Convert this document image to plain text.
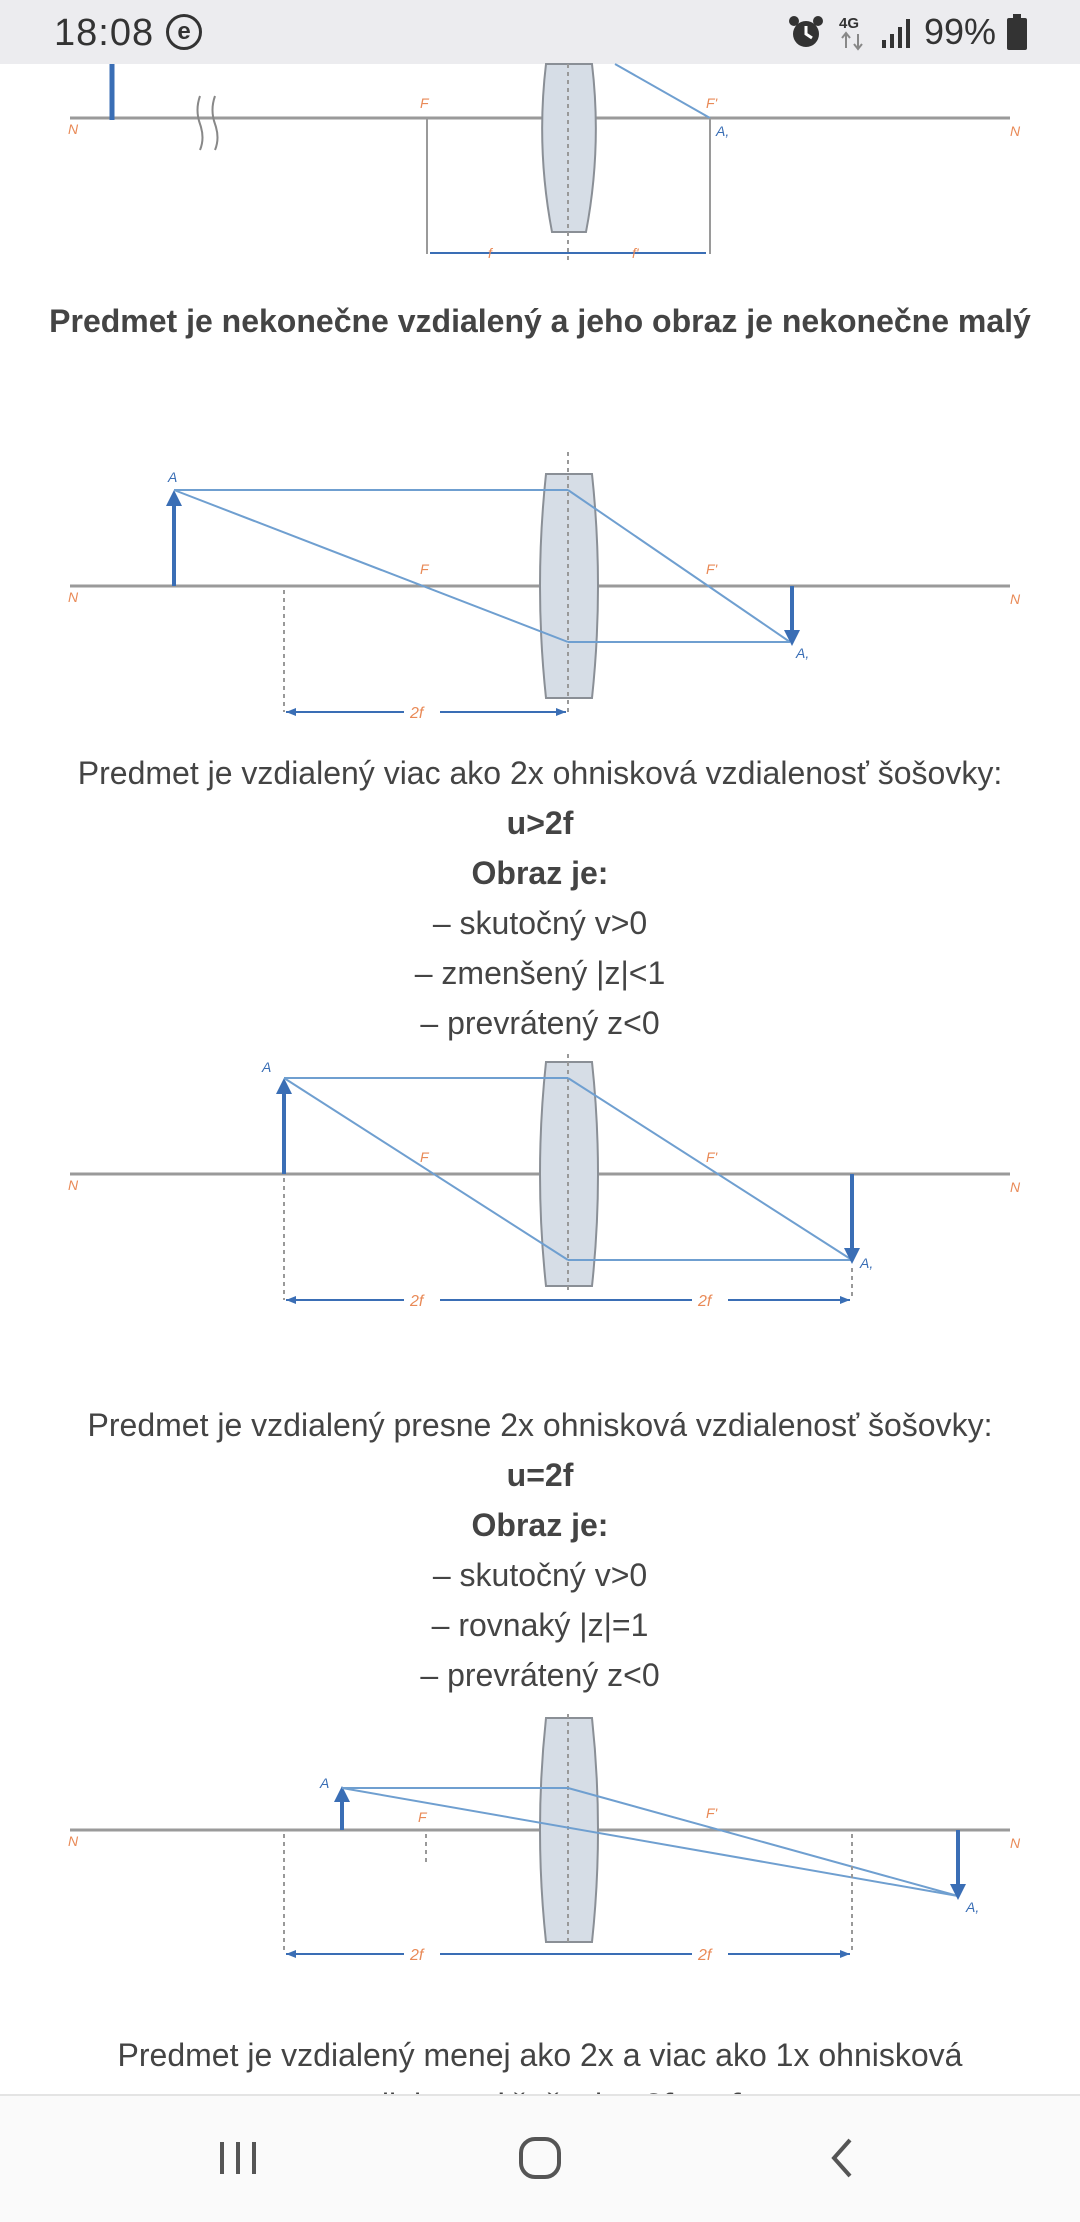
18:08 e	4G 99%
N	N
F	F'
A,
f	f'
Predmet je nekonečne vzdialený a jeho obraz je nekonečne malý
N	N
A
F	F'
A,
2f
Predmet je vzdialený viac ako 2x ohnisková vzdialenosť šošovky:
u>2f
Obraz je:
– skutočný v>0
– zmenšený |z|<1
– prevrátený z<0
N	N
A
F	F'
A,
2f	2f
Predmet je vzdialený presne 2x ohnisková vzdialenosť šošovky:
u=2f
Obraz je:
– skutočný v>0
– rovnaký |z|=1
– prevrátený z<0
N	N
A
F	F'
A,
2f	2f
Predmet je vzdialený menej ako 2x a viac ako 1x ohnisková
